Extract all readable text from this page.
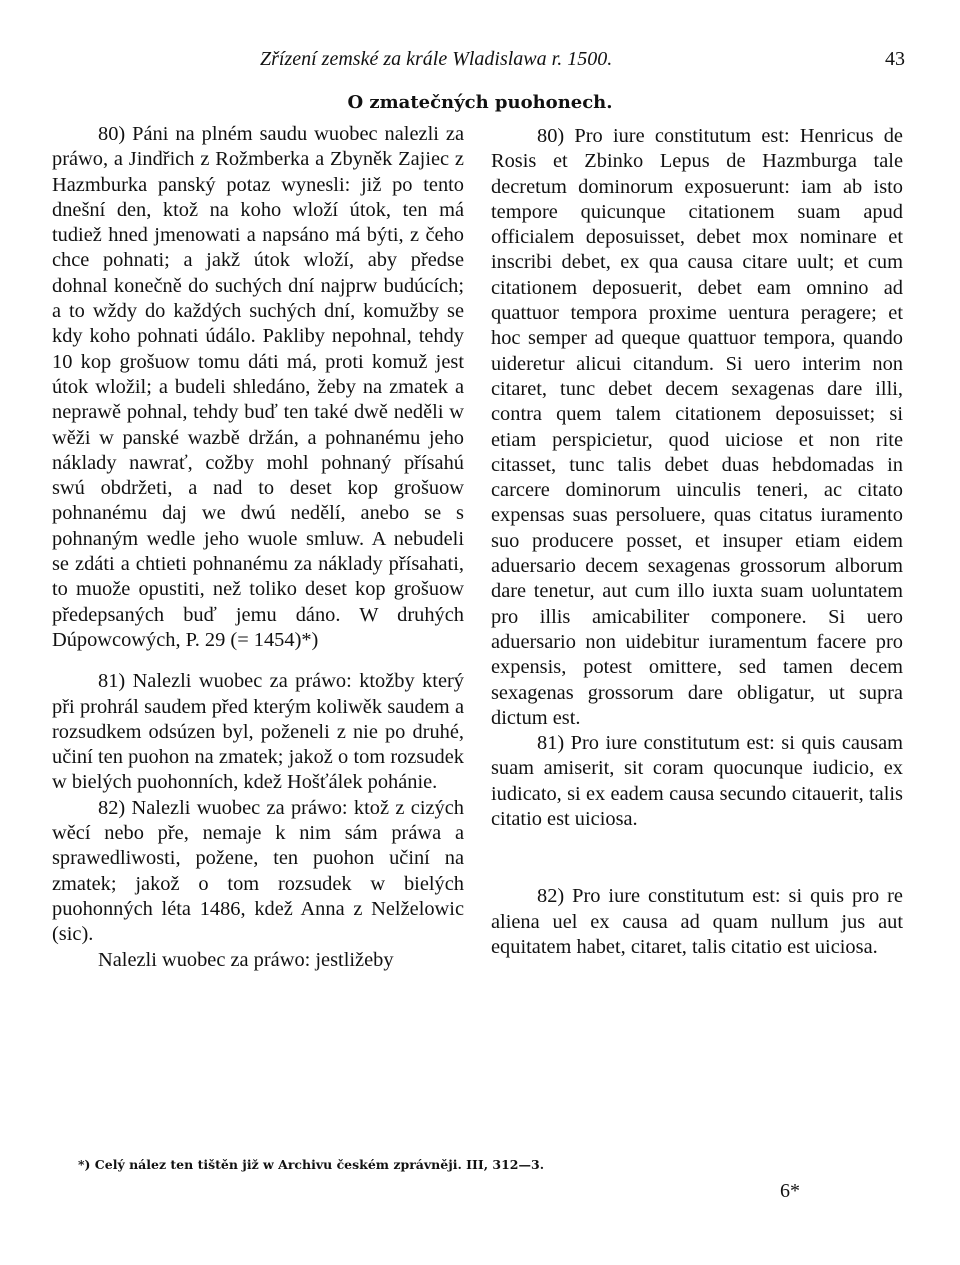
Zřízení zemské za krále Wladislawa r. 1500.	43
O zmatečných puohonech.

80) Páni na plném saudu wuobec nalezli za práwo, a Jindřich z Rožmberka a Zbyněk Zajiec z Hazmburka panský potaz wynesli: již po tento dnešní den, ktož na koho wloží útok, ten má tudiež hned jmenowati a napsáno má býti, z čeho chce pohnati; a jakž útok wloží, aby předse dohnal konečně do suchých dní najprw budúcích; a to wždy do každých suchých dní, komužby se kdy koho pohnati údálo. Pakliby nepohnal, tehdy 10 kop grošuow tomu dáti má, proti komuž jest útok wložil; a budeli shledáno, žeby na zmatek a neprawě pohnal, tehdy buď ten také dwě neděli w wěži w panské wazbě držán, a pohnanému jeho náklady nawrať, cožby mohl pohnaný přísahú swú obdržeti, a nad to deset kop grošuow pohnanému daj we dwú nedělí, anebo se s pohnaným wedle jeho wuole smluw. A nebudeli se zdáti a chtieti pohnanému za náklady přísahati, to muože opustiti, než toliko deset kop grošuow předepsaných buď jemu dáno. W druhých Dúpowcowých, P. 29 (= 1454)*)

81) Nalezli wuobec za práwo: ktožby který při prohrál saudem před kterým koliwěk saudem a rozsudkem odsúzen byl, poženeli z nie po druhé, učiní ten puohon na zmatek; jakož o tom rozsudek w bielých puohonních, kdež Hošťálek pohánie.

82) Nalezli wuobec za práwo: ktož z cizých wěcí nebo pře, nemaje k nim sám práwa a sprawedliwosti, požene, ten puohon učiní na zmatek; jakož o tom rozsudek w bielých puohonných léta 1486, kdež Anna z Nelželowic (sic).

Nalezli wuobec za práwo: jestližeby

80) Pro iure constitutum est: Henricus de Rosis et Zbinko Lepus de Hazmburga tale decretum dominorum exposuerunt: iam ab isto tempore quicunque citationem suam apud officialem deposuisset, debet mox nominare et inscribi debet, ex qua causa citare uult; et cum citationem deposuerit, debet eam omnino ad quattuor tempora proxime uentura peragere; et hoc semper ad queque quattuor tempora, quando uideretur alicui citandum. Si uero interim non citaret, tunc debet decem sexagenas dare illi, contra quem talem citationem deposuisset; si etiam perspicietur, quod uiciose et non rite citasset, tunc talis debet duas hebdomadas in carcere dominorum uinculis teneri, ac citato expensas suas persoluere, quas citatus iuramento suo producere posset, et insuper etiam eidem aduersario decem sexagenas grossorum alborum dare tenetur, aut cum illo iuxta suam uoluntatem pro illis amicabiliter componere. Si uero aduersario non uidebitur iuramentum facere pro expensis, potest omittere, sed tamen decem sexagenas grossorum dare obligatur, ut supra dictum est.

81) Pro iure constitutum est: si quis causam suam amiserit, sit coram quocunque iudicio, ex iudicato, si ex eadem causa secundo citauerit, talis citatio est uiciosa.

82) Pro iure constitutum est: si quis pro re aliena uel ex causa ad quam nullum jus aut equitatem habet, citaret, talis citatio est uiciosa.

*) Celý nález ten tištěn již w Archivu českém zprávněji. III, 312—3.
6*
